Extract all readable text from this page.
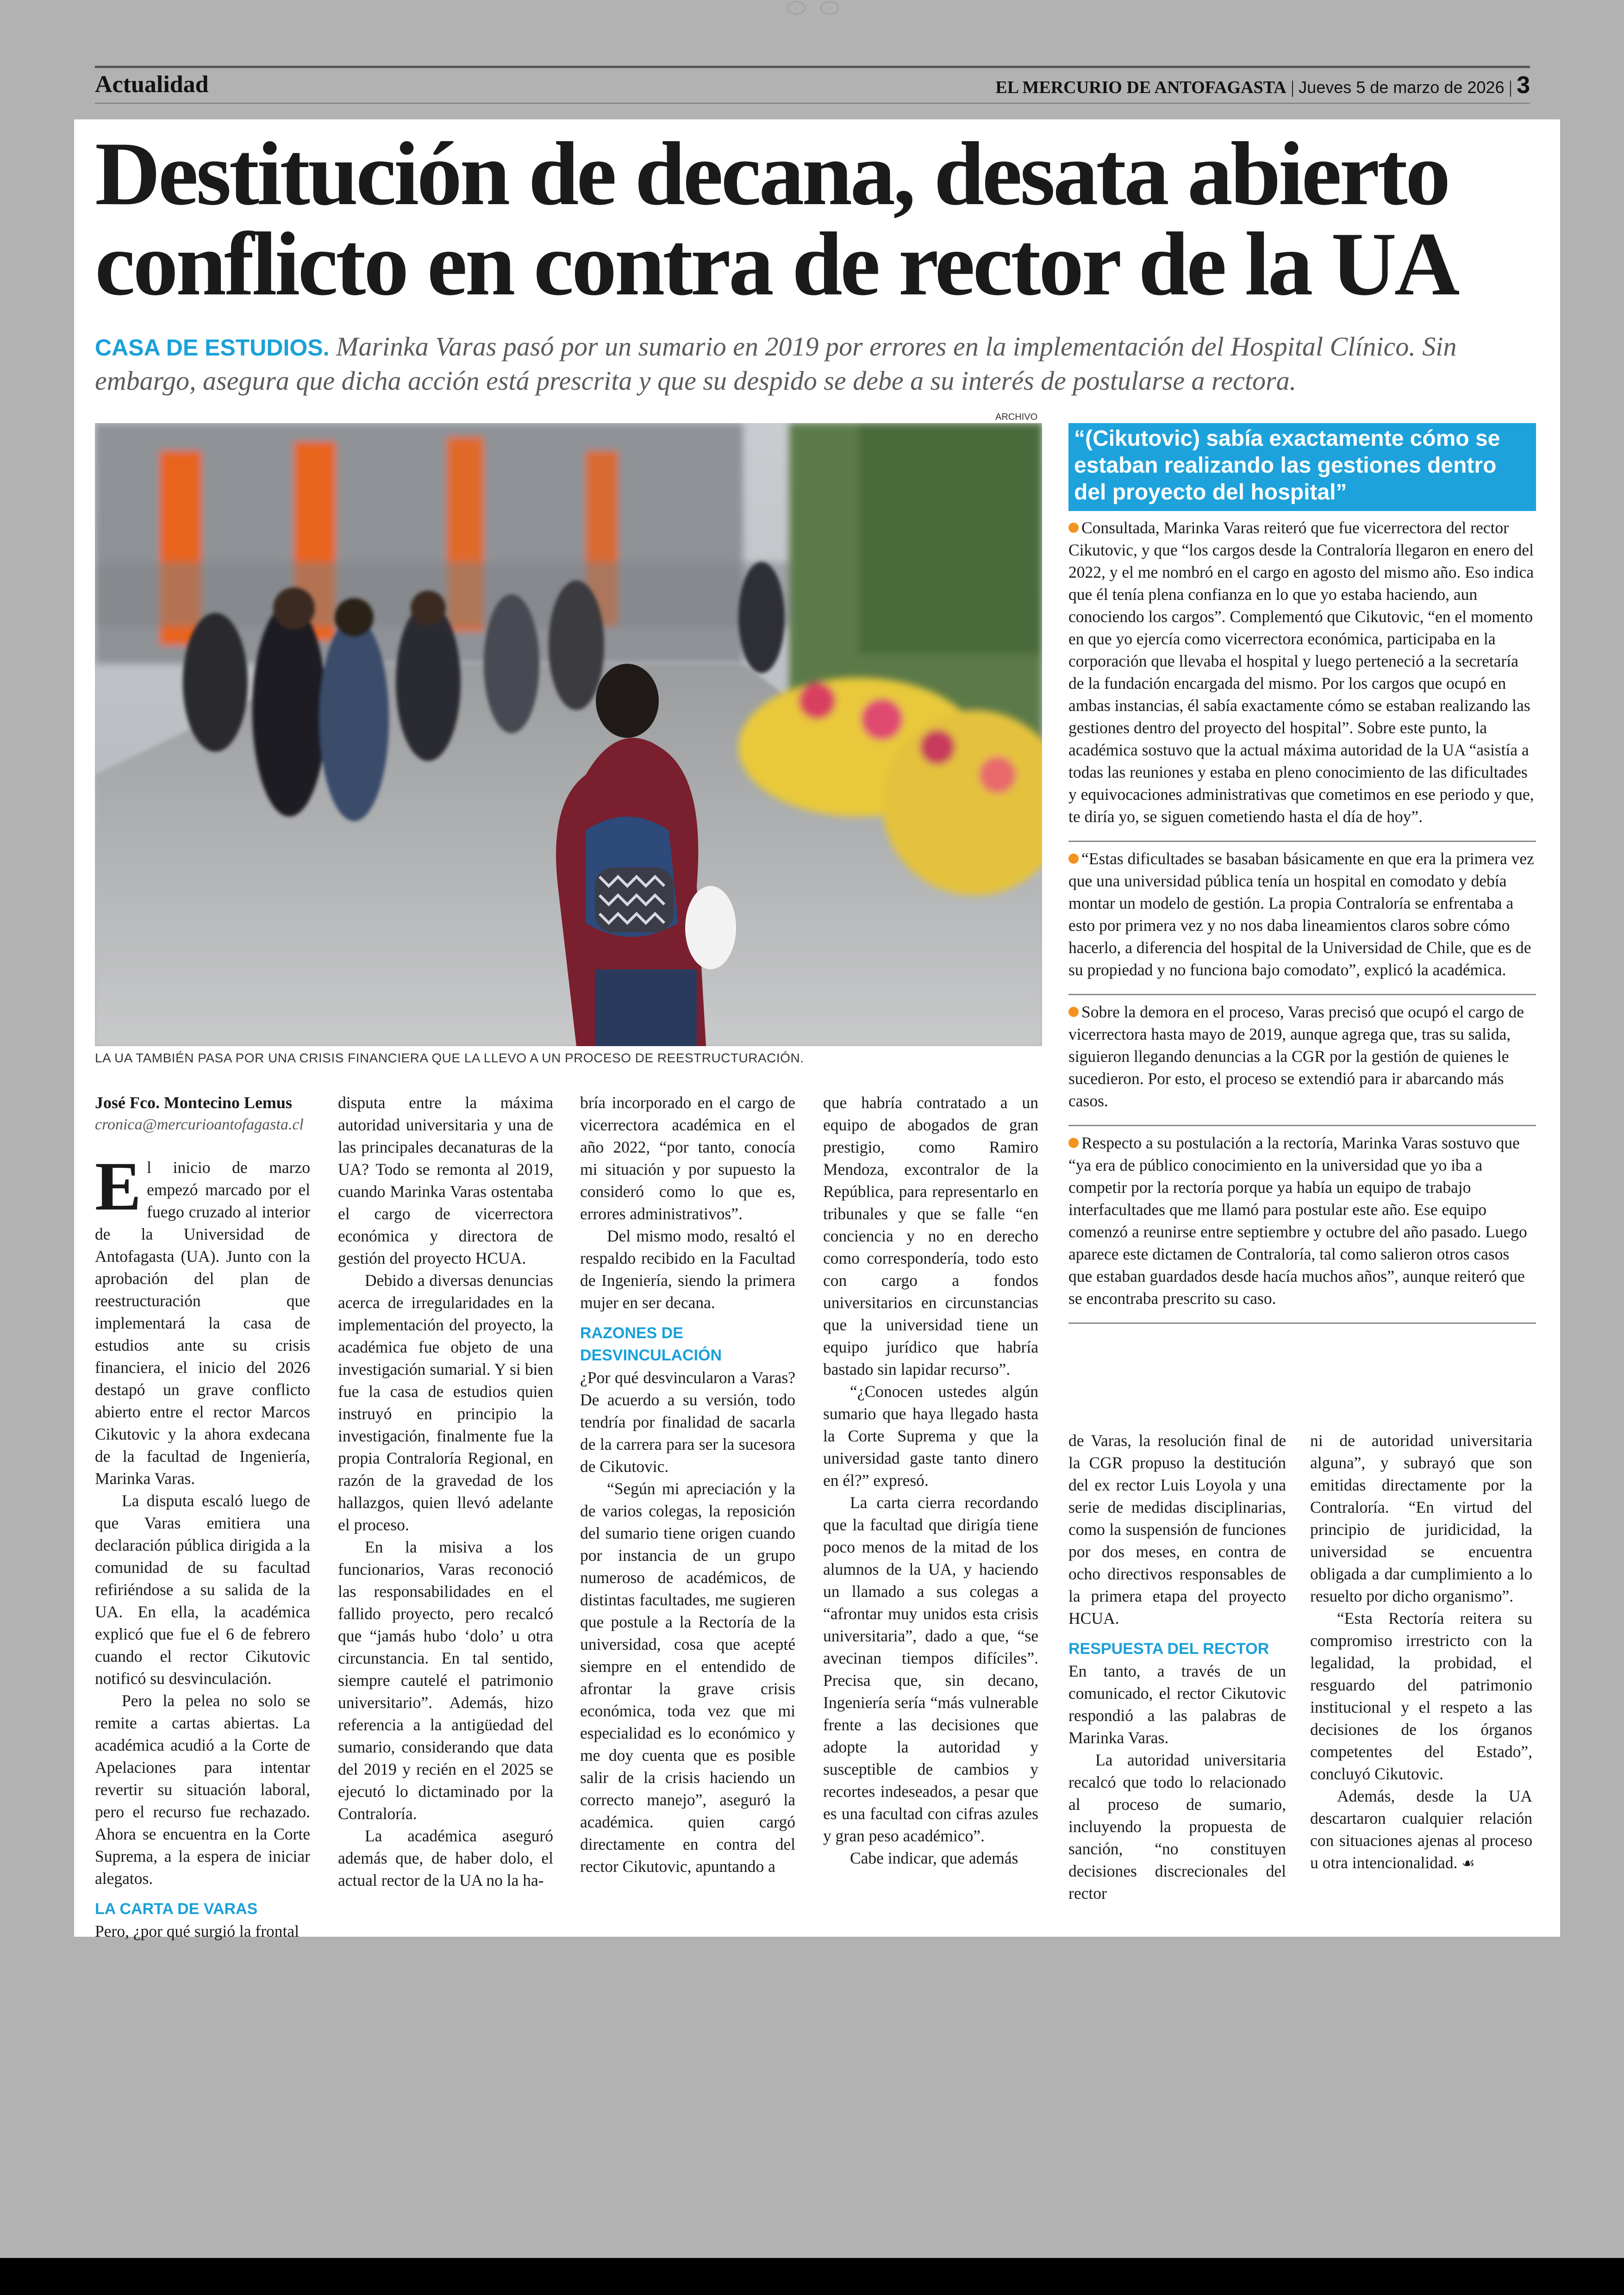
‹	›
Actualidad	EL MERCURIO DE ANTOFAGASTA | Jueves 5 de marzo de 2026 | 3
Destitución de decana, desata abierto conflicto en contra de rector de la UA
CASA DE ESTUDIOS. Marinka Varas pasó por un sumario en 2019 por errores en la implementación del Hospital Clínico. Sin embargo, asegura que dicha acción está prescrita y que su despido se debe a su interés de postularse a rectora.
ARCHIVO
LA UA TAMBIÉN PASA POR UNA CRISIS FINANCIERA QUE LA LLEVO A UN PROCESO DE REESTRUCTURACIÓN.
“(Cikutovic) sabía exactamente cómo se estaban realizando las gestiones dentro del proyecto del hospital”

Consultada, Marinka Varas reiteró que fue vicerrectora del rector Cikutovic, y que “los cargos desde la Contraloría llegaron en enero del 2022, y el me nombró en el cargo en agosto del mismo año. Eso indica que él tenía plena confianza en lo que yo estaba haciendo, aun conociendo los cargos”. Complementó que Cikutovic, “en el momento en que yo ejercía como vicerrectora económica, participaba en la corporación que llevaba el hospital y luego perteneció a la secretaría de la fundación encargada del mismo. Por los cargos que ocupó en ambas instancias, él sabía exactamente cómo se estaban realizando las gestiones dentro del proyecto del hospital”. Sobre este punto, la académica sostuvo que la actual máxima autoridad de la UA “asistía a todas las reuniones y estaba en pleno conocimiento de las dificultades y equivocaciones administrativas que cometimos en ese periodo y que, te diría yo, se siguen cometiendo hasta el día de hoy”.

“Estas dificultades se basaban básicamente en que era la primera vez que una universidad pública tenía un hospital en comodato y debía montar un modelo de gestión. La propia Contraloría se enfrentaba a esto por primera vez y no nos daba lineamientos claros sobre cómo hacerlo, a diferencia del hospital de la Universidad de Chile, que es de su propiedad y no funciona bajo comodato”, explicó la académica.

Sobre la demora en el proceso, Varas precisó que ocupó el cargo de vicerrectora hasta mayo de 2019, aunque agrega que, tras su salida, siguieron llegando denuncias a la CGR por la gestión de quienes le sucedieron. Por esto, el proceso se extendió para ir abarcando más casos.

Respecto a su postulación a la rectoría, Marinka Varas sostuvo que “ya era de público conocimiento en la universidad que yo iba a competir por la rectoría porque ya había un equipo de trabajo interfacultades que me llamó para postular este año. Ese equipo comenzó a reunirse entre septiembre y octubre del año pasado. Luego aparece este dictamen de Contraloría, tal como salieron otros casos que estaban guardados desde hacía muchos años”, aunque reiteró que se encontraba prescrito su caso.

José Fco. Montecino Lemus
cronica@mercurioantofagasta.cl

El inicio de marzo empezó marcado por el fuego cruzado al interior de la Universidad de Antofagasta (UA). Junto con la aprobación del plan de reestructuración que implementará la casa de estudios ante su crisis financiera, el inicio del 2026 destapó un grave conflicto abierto entre el rector Marcos Cikutovic y la ahora exdecana de la facultad de Ingeniería, Marinka Varas.

La disputa escaló luego de que Varas emitiera una declaración pública dirigida a la comunidad de su facultad refiriéndose a su salida de la UA. En ella, la académica explicó que fue el 6 de febrero cuando el rector Cikutovic notificó su desvinculación.

Pero la pelea no solo se remite a cartas abiertas. La académica acudió a la Corte de Apelaciones para intentar revertir su situación laboral, pero el recurso fue rechazado. Ahora se encuentra en la Corte Suprema, a la espera de iniciar alegatos.

LA CARTA DE VARAS

Pero, ¿por qué surgió la frontal

disputa entre la máxima autoridad universitaria y una de las principales decanaturas de la UA? Todo se remonta al 2019, cuando Marinka Varas ostentaba el cargo de vicerrectora económica y directora de gestión del proyecto HCUA.

Debido a diversas denuncias acerca de irregularidades en la implementación del proyecto, la académica fue objeto de una investigación sumarial. Y si bien fue la casa de estudios quien instruyó en principio la investigación, finalmente fue la propia Contraloría Regional, en razón de la gravedad de los hallazgos, quien llevó adelante el proceso.

En la misiva a los funcionarios, Varas reconoció las responsabilidades en el fallido proyecto, pero recalcó que “jamás hubo ‘dolo’ u otra circunstancia. En tal sentido, siempre cautelé el patrimonio universitario”. Además, hizo referencia a la antigüedad del sumario, considerando que data del 2019 y recién en el 2025 se ejecutó lo dictaminado por la Contraloría.

La académica aseguró además que, de haber dolo, el actual rector de la UA no la ha-

bría incorporado en el cargo de vicerrectora académica en el año 2022, “por tanto, conocía mi situación y por supuesto la consideró como lo que es, errores administrativos”.

Del mismo modo, resaltó el respaldo recibido en la Facultad de Ingeniería, siendo la primera mujer en ser decana.

RAZONES DE DESVINCULACIÓN

¿Por qué desvincularon a Varas? De acuerdo a su versión, todo tendría por finalidad de sacarla de la carrera para ser la sucesora de Cikutovic.

“Según mi apreciación y la de varios colegas, la reposición del sumario tiene origen cuando por instancia de un grupo numeroso de académicos, de distintas facultades, me sugieren que postule a la Rectoría de la universidad, cosa que acepté siempre en el entendido de afrontar la grave crisis económica, toda vez que mi especialidad es lo económico y me doy cuenta que es posible salir de la crisis haciendo un correcto manejo”, aseguró la académica. quien cargó directamente en contra del rector Cikutovic, apuntando a

que habría contratado a un equipo de abogados de gran prestigio, como Ramiro Mendoza, excontralor de la República, para representarlo en tribunales y que se falle “en conciencia y no en derecho como correspondería, todo esto con cargo a fondos universitarios en circunstancias que la universidad tiene un equipo jurídico que habría bastado sin lapidar recurso”.

“¿Conocen ustedes algún sumario que haya llegado hasta la Corte Suprema y que la universidad gaste tanto dinero en él?” expresó.

La carta cierra recordando que la facultad que dirigía tiene poco menos de la mitad de los alumnos de la UA, y haciendo un llamado a sus colegas a “afrontar muy unidos esta crisis universitaria”, dado a que, “se avecinan tiempos difíciles”. Precisa que, sin decano, Ingeniería sería “más vulnerable frente a las decisiones que adopte la autoridad y susceptible de cambios y recortes indeseados, a pesar que es una facultad con cifras azules y gran peso académico”.

Cabe indicar, que además

de Varas, la resolución final de la CGR propuso la destitución del ex rector Luis Loyola y una serie de medidas disciplinarias, como la suspensión de funciones por dos meses, en contra de ocho directivos responsables de la primera etapa del proyecto HCUA.

RESPUESTA DEL RECTOR

En tanto, a través de un comunicado, el rector Cikutovic respondió a las palabras de Marinka Varas.

La autoridad universitaria recalcó que todo lo relacionado al proceso de sumario, incluyendo la propuesta de sanción, “no constituyen decisiones discrecionales del rector

ni de autoridad universitaria alguna”, y subrayó que son emitidas directamente por la Contraloría. “En virtud del principio de juridicidad, la universidad se encuentra obligada a dar cumplimiento a lo resuelto por dicho organismo”.

“Esta Rectoría reitera su compromiso irrestricto con la legalidad, la probidad, el resguardo del patrimonio institucional y el respeto a las decisiones de los órganos competentes del Estado”, concluyó Cikutovic.

Además, desde la UA descartaron cualquier relación con situaciones ajenas al proceso u otra intencionalidad. ☙
